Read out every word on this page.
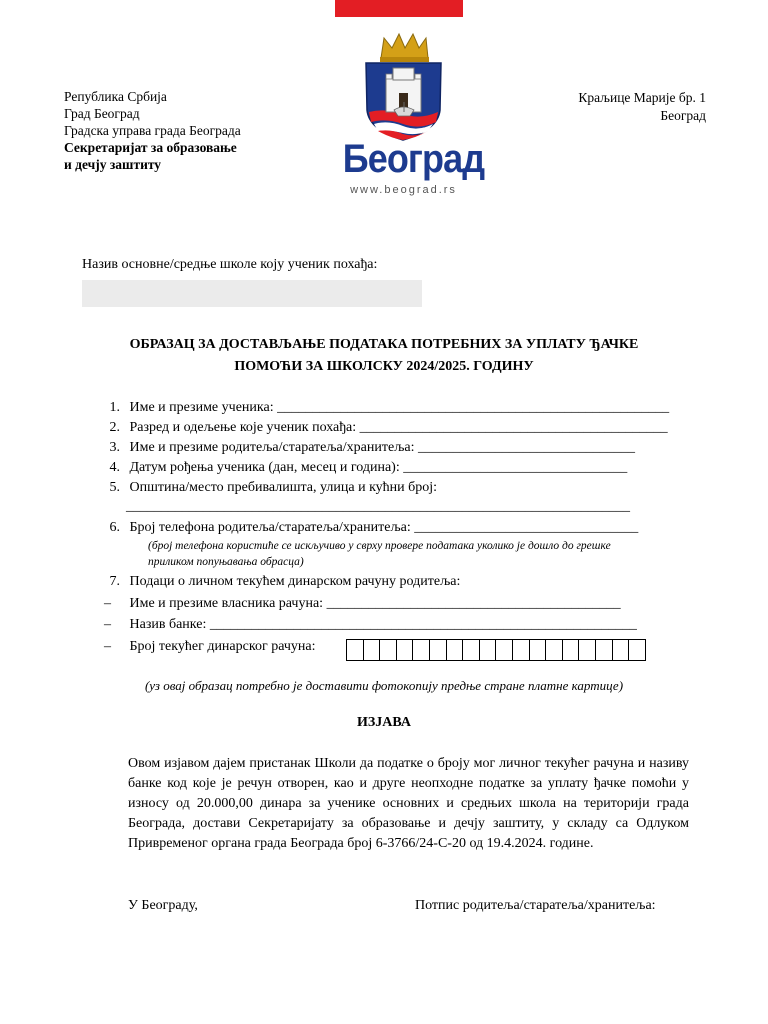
Република Србија
Град Београд
Градска управа града Београда
Секретаријат за образовање
и дечју заштиту
Краљице Марије бр. 1
Београд
Београд
www.beograd.rs
Назив основне/средње школе коју ученик похађа:
ОБРАЗАЦ ЗА ДОСТАВЉАЊЕ ПОДАТАКА ПОТРЕБНИХ ЗА УПЛАТУ ЂАЧКЕ
ПОМОЋИ ЗА ШКОЛСКУ 2024/2025. ГОДИНУ
1. Име и презиме ученика: ________________________________________________________
2. Разред и одељење које ученик похађа: ____________________________________________
3. Име и презиме родитеља/старатеља/хранитеља: _______________________________
4. Датум рођења ученика (дан, месец и година): ________________________________
5. Општина/место пребивалишта, улица и кућни број:
________________________________________________________________________
6. Број телефона родитеља/старатеља/хранитеља: ________________________________
(број телефона користиће се искључиво у сврху провере података уколико је дошло до грешке
приликом попуњавања обрасца)
7. Подаци о личном текућем динарском рачуну родитеља:
– Име и презиме власника рачуна: __________________________________________
– Назив банке: _____________________________________________________________
– Број текућег динарског рачуна:
(уз овај образац потребно је доставити фотокопију предње стране платне картице)
ИЗЈАВА
Овом изјавом дајем пристанак Школи да податке о броју мог личног текућег рачуна и називу банке код које је речун отворен, као и друге неопходне податке за уплату ђачке помоћи у износу од 20.000,00 динара за ученике основних и средњих школа на територији града Београда, достави Секретаријату за образовање и дечју заштиту, у складу са Одлуком Привременог органа града Београда број 6-3766/24-С-20 од 19.4.2024. године.
У Београду,	Потпис родитеља/старатеља/хранитеља:
